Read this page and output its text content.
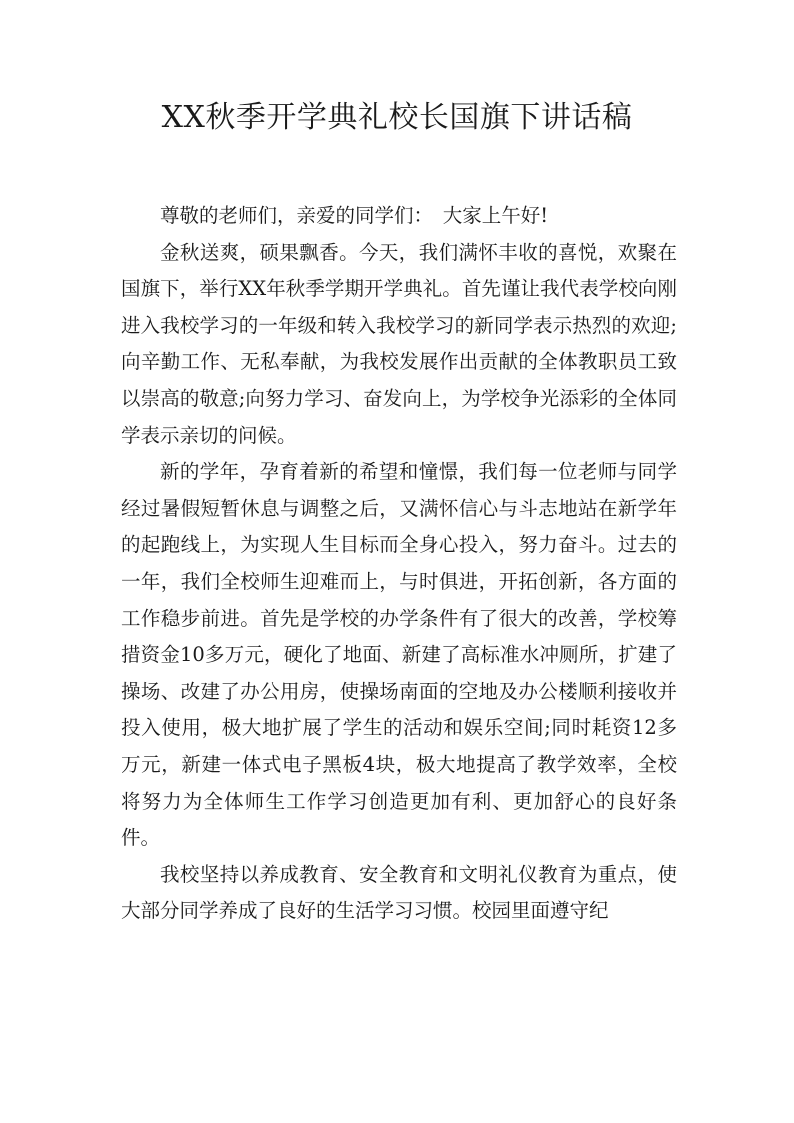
XX秋季开学典礼校长国旗下讲话稿

尊敬的老师们，亲爱的同学们：　大家上午好!

金秋送爽，硕果飘香。今天，我们满怀丰收的喜悦，欢聚在国旗下，举行XX年秋季学期开学典礼。首先谨让我代表学校向刚进入我校学习的一年级和转入我校学习的新同学表示热烈的欢迎;向辛勤工作、无私奉献，为我校发展作出贡献的全体教职员工致以崇高的敬意;向努力学习、奋发向上，为学校争光添彩的全体同学表示亲切的问候。

新的学年，孕育着新的希望和憧憬，我们每一位老师与同学经过暑假短暂休息与调整之后，又满怀信心与斗志地站在新学年的起跑线上，为实现人生目标而全身心投入，努力奋斗。过去的一年，我们全校师生迎难而上，与时俱进，开拓创新，各方面的工作稳步前进。首先是学校的办学条件有了很大的改善，学校筹措资金10多万元，硬化了地面、新建了高标准水冲厕所，扩建了操场、改建了办公用房，使操场南面的空地及办公楼顺利接收并投入使用，极大地扩展了学生的活动和娱乐空间;同时耗资12多万元，新建一体式电子黑板4块，极大地提高了教学效率，全校将努力为全体师生工作学习创造更加有利、更加舒心的良好条件。

我校坚持以养成教育、安全教育和文明礼仪教育为重点，使大部分同学养成了良好的生活学习习惯。校园里面遵守纪
